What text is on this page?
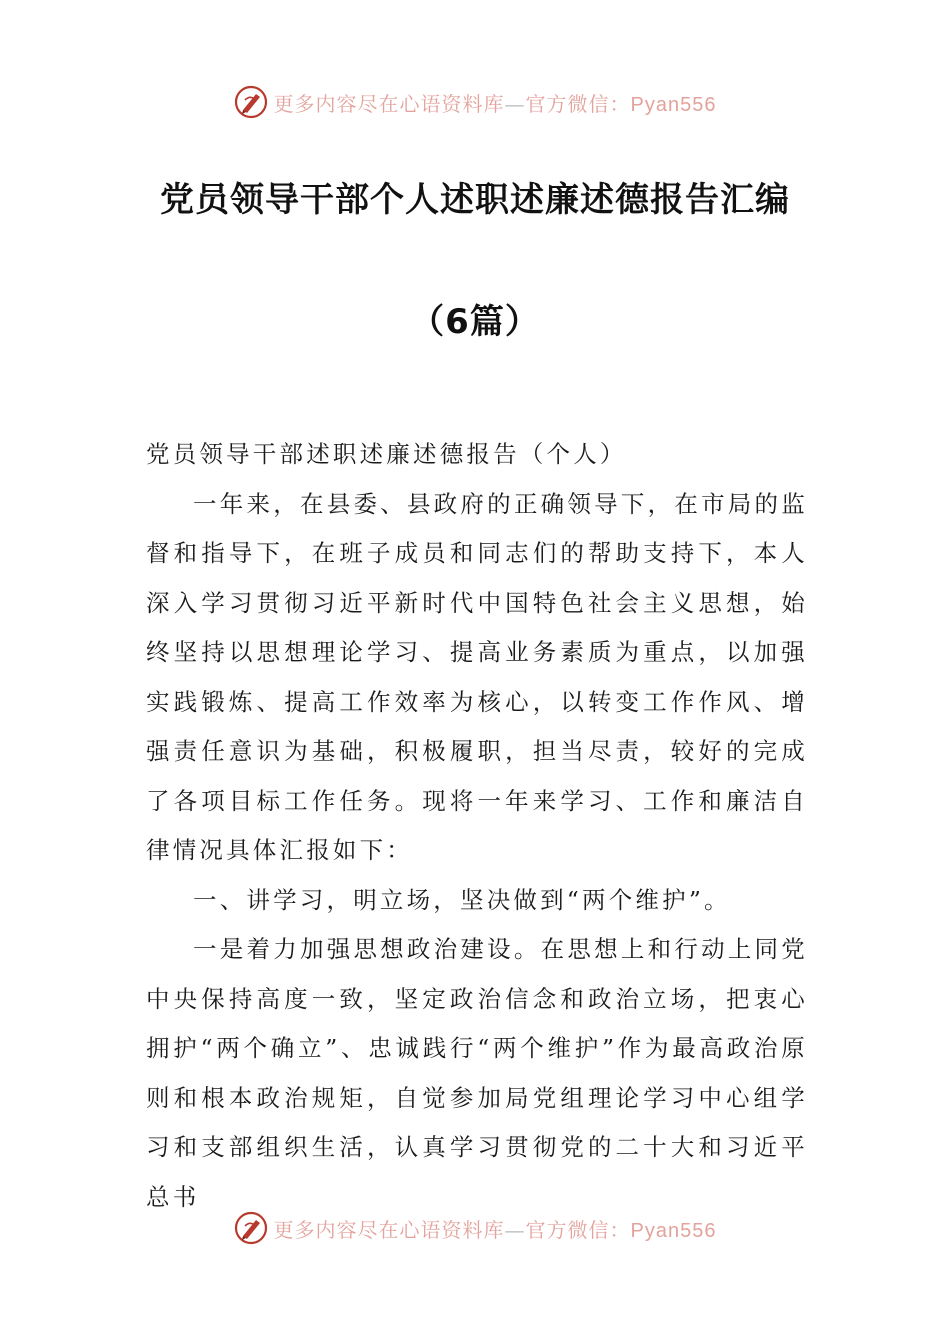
更多内容尽在心语资料库—官方微信：Pyan556
党员领导干部个人述职述廉述德报告汇编
（6篇）

党员领导干部述职述廉述德报告（个人）

一年来，在县委、县政府的正确领导下，在市局的监督和指导下，在班子成员和同志们的帮助支持下，本人深入学习贯彻习近平新时代中国特色社会主义思想，始终坚持以思想理论学习、提高业务素质为重点，以加强实践锻炼、提高工作效率为核心，以转变工作作风、增强责任意识为基础，积极履职，担当尽责，较好的完成了各项目标工作任务。现将一年来学习、工作和廉洁自律情况具体汇报如下：

一、讲学习，明立场，坚决做到“两个维护”。

一是着力加强思想政治建设。在思想上和行动上同党中央保持高度一致，坚定政治信念和政治立场，把衷心拥护“两个确立”、忠诚践行“两个维护”作为最高政治原则和根本政治规矩，自觉参加局党组理论学习中心组学习和支部组织生活，认真学习贯彻党的二十大和习近平总书

更多内容尽在心语资料库—官方微信：Pyan556
